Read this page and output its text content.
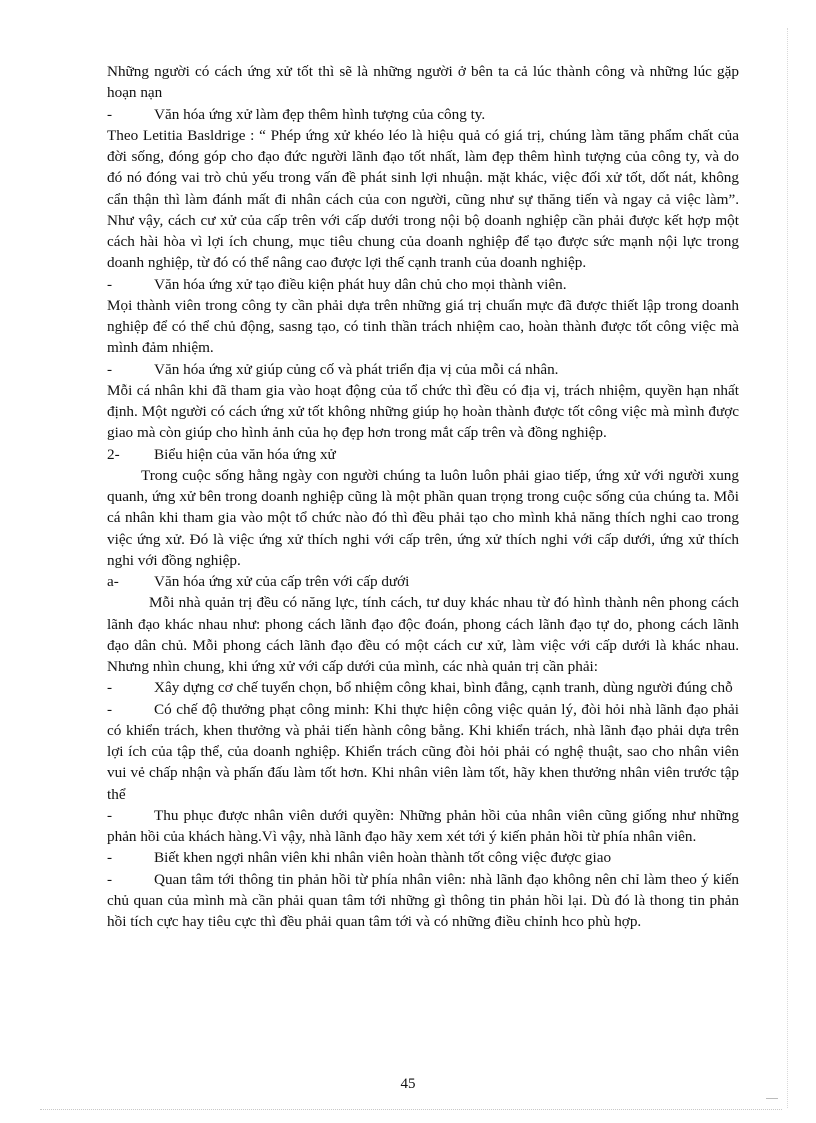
Những người có cách ứng xử tốt thì sẽ là những người ở bên ta cả lúc thành công và những lúc gặp hoạn nạn

-	Văn hóa ứng xử làm đẹp thêm hình tượng của công ty.

Theo Letitia Basldrige : “ Phép ứng xử khéo léo là hiệu quả có giá trị, chúng làm tăng phẩm chất của đời sống, đóng góp cho đạo đức người lãnh đạo tốt nhất, làm đẹp thêm hình tượng của công ty, và do đó nó đóng vai trò chủ yếu trong vấn đề phát sinh lợi nhuận. mặt khác, việc đối xử tốt, dốt nát, không cẩn thận thì làm đánh mất đi nhân cách của con người, cũng như sự thăng tiến và ngay cả việc làm”. Như vậy, cách cư xử của cấp trên với cấp dưới trong nội bộ doanh nghiệp cần phải được kết hợp một cách hài hòa vì lợi ích chung, mục tiêu chung của doanh nghiệp để tạo được sức mạnh nội lực trong doanh nghiệp, từ đó có thể nâng cao được lợi thế cạnh tranh của doanh nghiệp.

-	Văn hóa ứng xử tạo điều kiện phát huy dân chủ cho mọi thành viên.

Mọi thành viên trong công ty cần phải dựa trên những giá trị chuẩn mực đã được thiết lập trong doanh nghiệp để có thể chủ động, sasng tạo, có tinh thần trách nhiệm cao, hoàn thành được tốt công việc mà mình đảm nhiệm.

-	Văn hóa ứng xử giúp củng cố và phát triển địa vị của mỗi cá nhân.

Mỗi cá nhân khi đã tham gia vào hoạt động của tổ chức thì đều có địa vị, trách nhiệm, quyền hạn nhất định. Một người có cách ứng xử tốt không những giúp họ hoàn thành được tốt công việc mà mình được giao mà còn giúp cho hình ảnh của họ đẹp hơn trong mắt cấp trên và đồng nghiệp.

2- Biểu hiện của văn hóa ứng xử

Trong cuộc sống hằng ngày con người chúng ta luôn luôn phải giao tiếp, ứng xử với người xung quanh, ứng xử bên trong doanh nghiệp cũng là một phần quan trọng trong cuộc sống của chúng ta. Mỗi cá nhân khi tham gia vào một tổ chức nào đó thì đều phải tạo cho mình khả năng thích nghi cao trong việc ứng xử. Đó là việc ứng xử thích nghi với cấp trên, ứng xử thích nghi với cấp dưới, ứng xử thích nghi với đồng nghiệp.

a- Văn hóa ứng xử của cấp trên với cấp dưới

Mỗi nhà quản trị đều có năng lực, tính cách, tư duy khác nhau từ đó hình thành nên phong cách lãnh đạo khác nhau như: phong cách lãnh đạo độc đoán, phong cách lãnh đạo tự do, phong cách lãnh đạo dân chủ. Mỗi phong cách lãnh đạo đều có một cách cư xử, làm việc với cấp dưới là khác nhau. Nhưng nhìn chung, khi ứng xử với cấp dưới của mình, các nhà quản trị cần phải:

-	Xây dựng cơ chế tuyển chọn, bổ nhiệm công khai, bình đẳng, cạnh tranh, dùng người đúng chỗ

-	Có chế độ thưởng phạt công minh: Khi thực hiện công việc quản lý, đòi hỏi nhà lãnh đạo phải có khiển trách, khen thưởng và phải tiến hành công bằng. Khi khiển trách, nhà lãnh đạo phải dựa trên lợi ích của tập thể, của doanh nghiệp. Khiển trách cũng đòi hỏi phải có nghệ thuật, sao cho nhân viên vui vẻ chấp nhận và phấn đấu làm tốt hơn. Khi nhân viên làm tốt, hãy khen thưởng nhân viên trước tập thể

-	Thu phục được nhân viên dưới quyền: Những phản hồi của nhân viên cũng giống như những phản hồi của khách hàng.Vì vậy, nhà lãnh đạo hãy xem xét tới ý kiến phản hồi từ phía nhân viên.

-	Biết khen ngợi nhân viên khi nhân viên hoàn thành tốt công việc được giao

-	Quan tâm tới thông tin phản hồi từ phía nhân viên: nhà lãnh đạo không nên chỉ làm theo ý kiến chủ quan của mình mà cần phải quan tâm tới những gì thông tin phản hồi lại. Dù đó là thong tin phản hồi tích cực hay tiêu cực thì đều phải quan tâm tới và có những điều chỉnh hco phù hợp.

45
